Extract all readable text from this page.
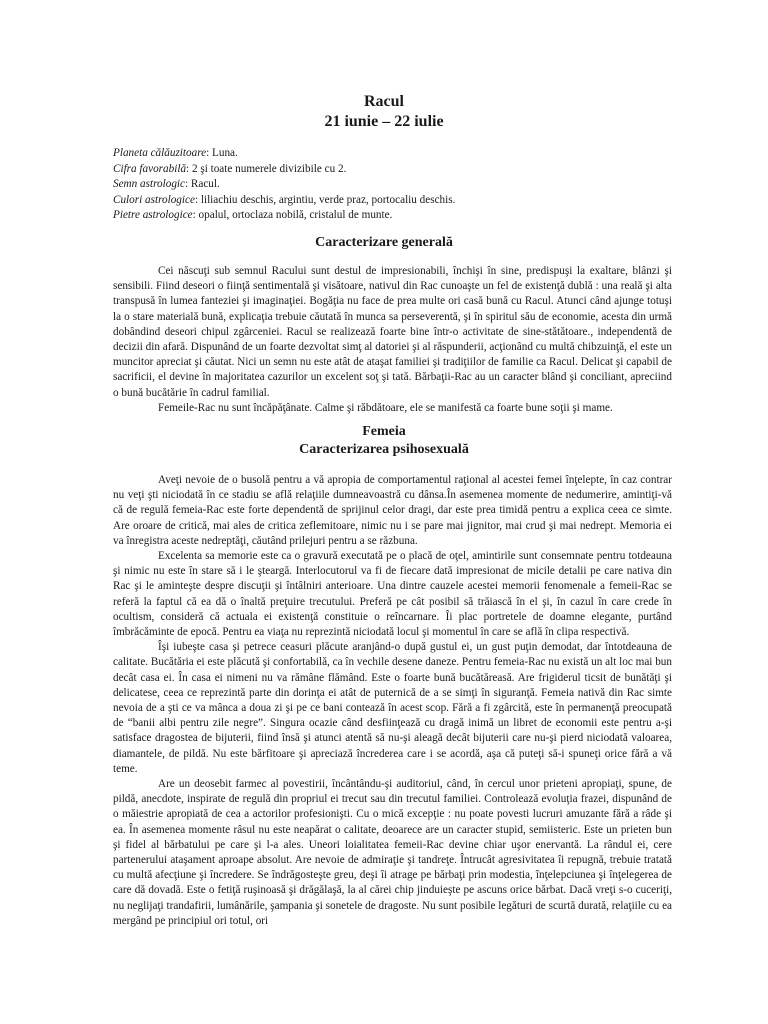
Racul
21 iunie – 22 iulie
Planeta călăuzitoare: Luna.
Cifra favorabilă: 2 şi toate numerele divizibile cu 2.
Semn astrologic: Racul.
Culori astrologice: liliachiu deschis, argintiu, verde praz, portocaliu deschis.
Pietre astrologice: opalul, ortoclaza nobilă, cristalul de munte.
Caracterizare generală

Cei născuţi sub semnul Racului sunt destul de impresionabili, închişi în sine, predispuşi la exaltare, blânzi şi sensibili. Fiind deseori o fiinţă sentimentală şi visătoare, nativul din Rac cunoaşte un fel de existenţă dublă : una reală şi alta transpusă în lumea fanteziei şi imaginaţiei. Bogăţia nu face de prea multe ori casă bună cu Racul. Atunci când ajunge totuşi la o stare materială bună, explicaţia trebuie căutată în munca sa perseverentă, şi în spiritul său de economie, acesta din urmă dobândind deseori chipul zgârceniei. Racul se realizează foarte bine într-o activitate de sine-stătătoare., independentă de decizii din afară. Dispunând de un foarte dezvoltat simţ al datoriei şi al răspunderii, acţionând cu multă chibzuinţă, el este un muncitor apreciat şi căutat. Nici un semn nu este atât de ataşat familiei şi tradiţiilor de familie ca Racul. Delicat şi capabil de sacrificii, el devine în majoritatea cazurilor un excelent soţ şi tată. Bărbaţii-Rac au un caracter blând şi conciliant, apreciind o bună bucătărie în cadrul familial.

Femeile-Rac nu sunt încăpăţânate. Calme şi răbdătoare, ele se manifestă ca foarte bune soţii şi mame.

Femeia
Caracterizarea psihosexuală

Aveţi nevoie de o busolă pentru a vă apropia de comportamentul raţional al acestei femei înţelepte, în caz contrar nu veţi şti niciodată în ce stadiu se află relaţiile dumneavoastră cu dânsa.În asemenea momente de nedumerire, amintiţi-vă că de regulă femeia-Rac este forte dependentă de sprijinul celor dragi, dar este prea timidă pentru a explica ceea ce simte. Are oroare de critică, mai ales de critica zeflemitoare, nimic nu i se pare mai jignitor, mai crud şi mai nedrept. Memoria ei va înregistra aceste nedreptăţi, căutând prilejuri pentru a se răzbuna.

Excelenta sa memorie este ca o gravură executată pe o placă de oţel, amintirile sunt consemnate pentru totdeauna şi nimic nu este în stare să i le şteargă. Interlocutorul va fi de fiecare dată impresionat de micile detalii pe care nativa din Rac şi le aminteşte despre discuţii şi întâlniri anterioare. Una dintre cauzele acestei memorii fenomenale a femeii-Rac se referă la faptul că ea dă o înaltă preţuire trecutului. Preferă pe cât posibil să trăiască în el şi, în cazul în care crede în ocultism, consideră că actuala ei existenţă constituie o reîncarnare. Îi plac portretele de doamne elegante, purtând îmbrăcăminte de epocă. Pentru ea viaţa nu reprezintă niciodată locul şi momentul în care se află în clipa respectivă.

Îşi iubeşte casa şi petrece ceasuri plăcute aranjând-o după gustul ei, un gust puţin demodat, dar întotdeauna de calitate. Bucătăria ei este plăcută şi confortabilă, ca în vechile desene daneze. Pentru femeia-Rac nu există un alt loc mai bun decât casa ei. În casa ei nimeni nu va rămâne flămând. Este o foarte bună bucătăreasă. Are frigiderul ticsit de bunătăţi şi delicatese, ceea ce reprezintă parte din dorinţa ei atât de puternică de a se simţi în siguranţă. Femeia nativă din Rac simte nevoia de a şti ce va mânca a doua zi şi pe ce bani contează în acest scop. Fără a fi zgârcită, este în permanenţă preocupată de “banii albi pentru zile negre”. Singura ocazie când desfiinţează cu dragă inimă un libret de economii este pentru a-şi satisface dragostea de bijuterii, fiind însă şi atunci atentă să nu-şi aleagă decât bijuterii care nu-şi pierd niciodată valoarea, diamantele, de pildă. Nu este bărfitoare şi apreciază încrederea care i se acordă, aşa că puteţi să-i spuneţi orice fără a vă teme.

Are un deosebit farmec al povestirii, încântându-şi auditoriul, când, în cercul unor prieteni apropiaţi, spune, de pildă, anecdote, inspirate de regulă din propriul ei trecut sau din trecutul familiei. Controlează evoluţia frazei, dispunând de o măiestrie apropiată de cea a actorilor profesionişti. Cu o mică excepţie : nu poate povesti lucruri amuzante fără a râde şi ea. În asemenea momente râsul nu este neapărat o calitate, deoarece are un caracter stupid, semiisteric. Este un prieten bun şi fidel al bărbatului pe care şi l-a ales. Uneori loialitatea femeii-Rac devine chiar uşor enervantă. La rândul ei, cere partenerului ataşament aproape absolut. Are nevoie de admiraţie şi tandreţe. Întrucât agresivitatea îi repugnă, trebuie tratată cu multă afecţiune şi încredere. Se îndrăgosteşte greu, deşi îi atrage pe bărbaţi prin modestia, înţelepciunea şi înţelegerea de care dă dovadă. Este o fetiţă ruşinoasă şi drăgălaşă, la al cărei chip jinduieşte pe ascuns orice bărbat. Dacă vreţi s-o cuceriţi, nu neglijaţi trandafirii, lumânările, şampania şi sonetele de dragoste. Nu sunt posibile legături de scurtă durată, relaţiile cu ea mergând pe principiul ori totul, ori
